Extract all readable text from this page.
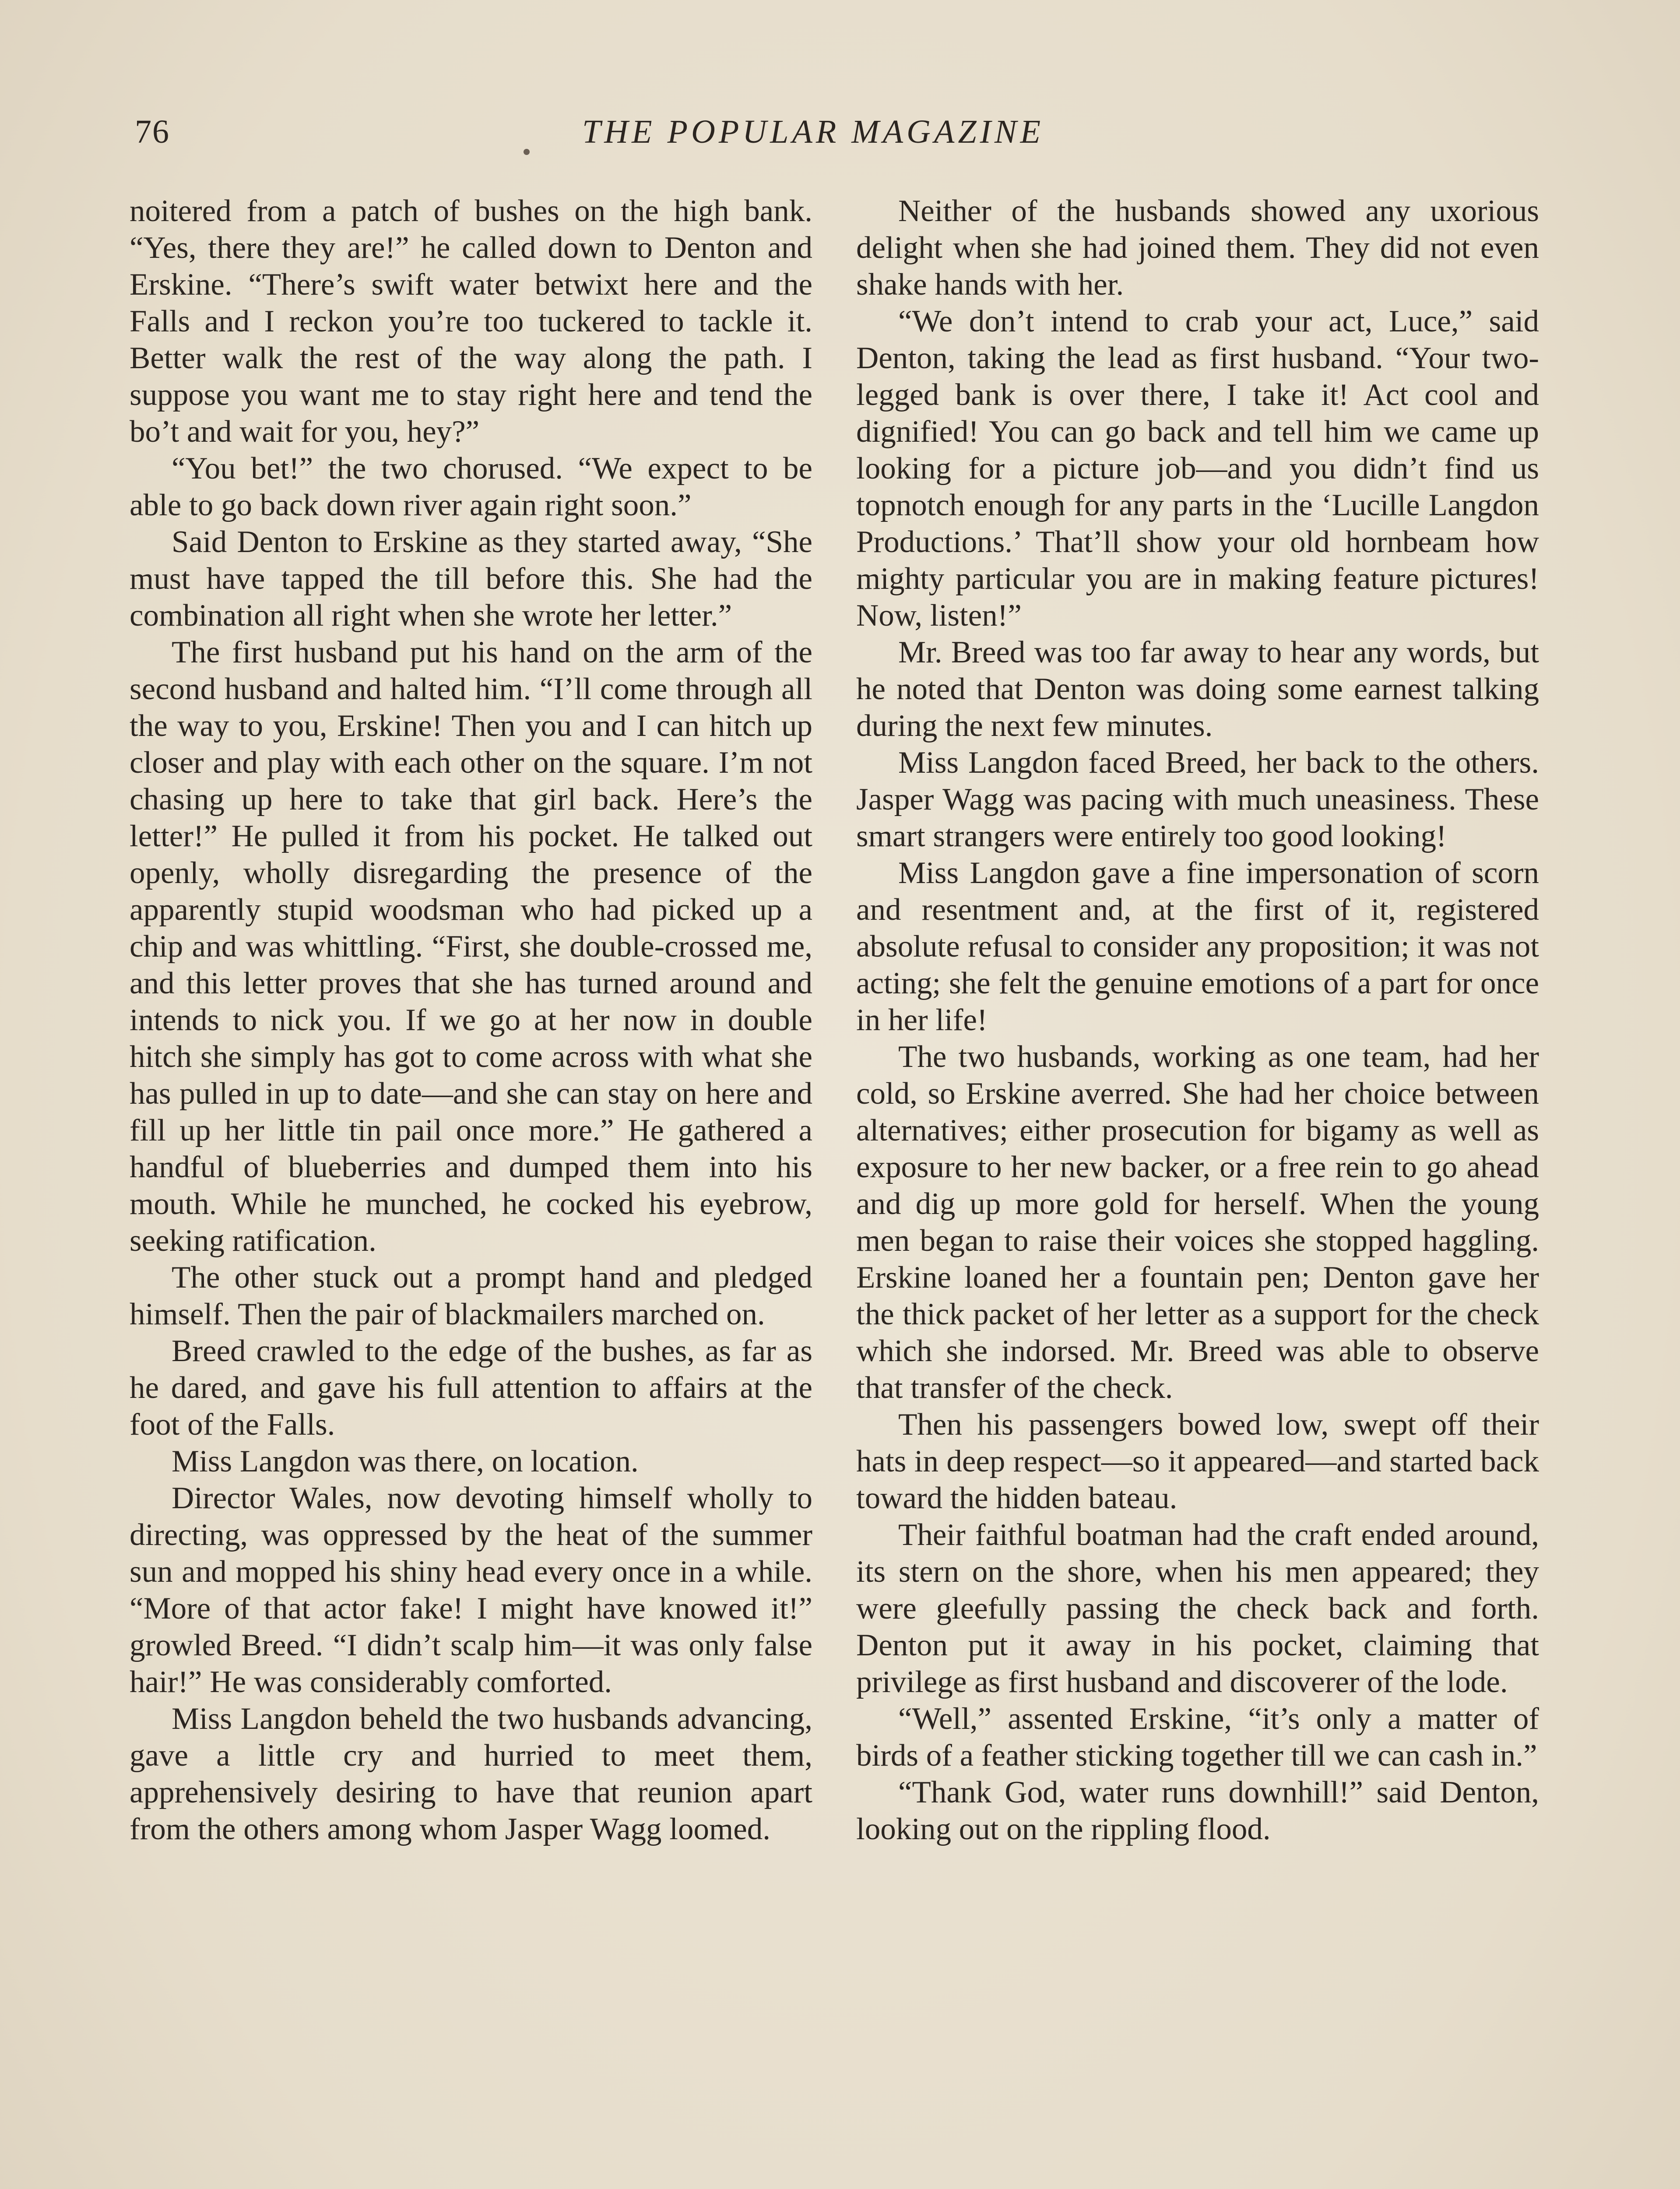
76	THE POPULAR MAGAZINE

noitered from a patch of bushes on the high bank. “Yes, there they are!” he called down to Denton and Erskine. “There’s swift water betwixt here and the Falls and I reckon you’re too tuckered to tackle it. Better walk the rest of the way along the path. I suppose you want me to stay right here and tend the bo’t and wait for you, hey?”

“You bet!” the two chorused. “We expect to be able to go back down river again right soon.”

Said Denton to Erskine as they started away, “She must have tapped the till before this. She had the combination all right when she wrote her letter.”

The first husband put his hand on the arm of the second husband and halted him. “I’ll come through all the way to you, Erskine! Then you and I can hitch up closer and play with each other on the square. I’m not chasing up here to take that girl back. Here’s the letter!” He pulled it from his pocket. He talked out openly, wholly disregarding the presence of the apparently stupid woodsman who had picked up a chip and was whittling. “First, she double-crossed me, and this letter proves that she has turned around and intends to nick you. If we go at her now in double hitch she simply has got to come across with what she has pulled in up to date—and she can stay on here and fill up her little tin pail once more.” He gathered a handful of blueberries and dumped them into his mouth. While he munched, he cocked his eyebrow, seeking ratification.

The other stuck out a prompt hand and pledged himself. Then the pair of blackmailers marched on.

Breed crawled to the edge of the bushes, as far as he dared, and gave his full attention to affairs at the foot of the Falls.

Miss Langdon was there, on location.

Director Wales, now devoting himself wholly to directing, was oppressed by the heat of the summer sun and mopped his shiny head every once in a while. “More of that actor fake! I might have knowed it!” growled Breed. “I didn’t scalp him—it was only false hair!” He was considerably comforted.

Miss Langdon beheld the two husbands advancing, gave a little cry and hurried to meet them, apprehensively desiring to have that reunion apart from the others among whom Jasper Wagg loomed.

Neither of the husbands showed any uxorious delight when she had joined them. They did not even shake hands with her.

“We don’t intend to crab your act, Luce,” said Denton, taking the lead as first husband. “Your two-legged bank is over there, I take it! Act cool and dignified! You can go back and tell him we came up looking for a picture job—and you didn’t find us topnotch enough for any parts in the ‘Lucille Langdon Productions.’ That’ll show your old hornbeam how mighty particular you are in making feature pictures! Now, listen!”

Mr. Breed was too far away to hear any words, but he noted that Denton was doing some earnest talking during the next few minutes.

Miss Langdon faced Breed, her back to the others. Jasper Wagg was pacing with much uneasiness. These smart strangers were entirely too good looking!

Miss Langdon gave a fine impersonation of scorn and resentment and, at the first of it, registered absolute refusal to consider any proposition; it was not acting; she felt the genuine emotions of a part for once in her life!

The two husbands, working as one team, had her cold, so Erskine averred. She had her choice between alternatives; either prosecution for bigamy as well as exposure to her new backer, or a free rein to go ahead and dig up more gold for herself. When the young men began to raise their voices she stopped haggling. Erskine loaned her a fountain pen; Denton gave her the thick packet of her letter as a support for the check which she indorsed. Mr. Breed was able to observe that transfer of the check.

Then his passengers bowed low, swept off their hats in deep respect—so it appeared—and started back toward the hidden bateau.

Their faithful boatman had the craft ended around, its stern on the shore, when his men appeared; they were gleefully passing the check back and forth. Denton put it away in his pocket, claiming that privilege as first husband and discoverer of the lode.

“Well,” assented Erskine, “it’s only a matter of birds of a feather sticking together till we can cash in.”

“Thank God, water runs downhill!” said Denton, looking out on the rippling flood.
